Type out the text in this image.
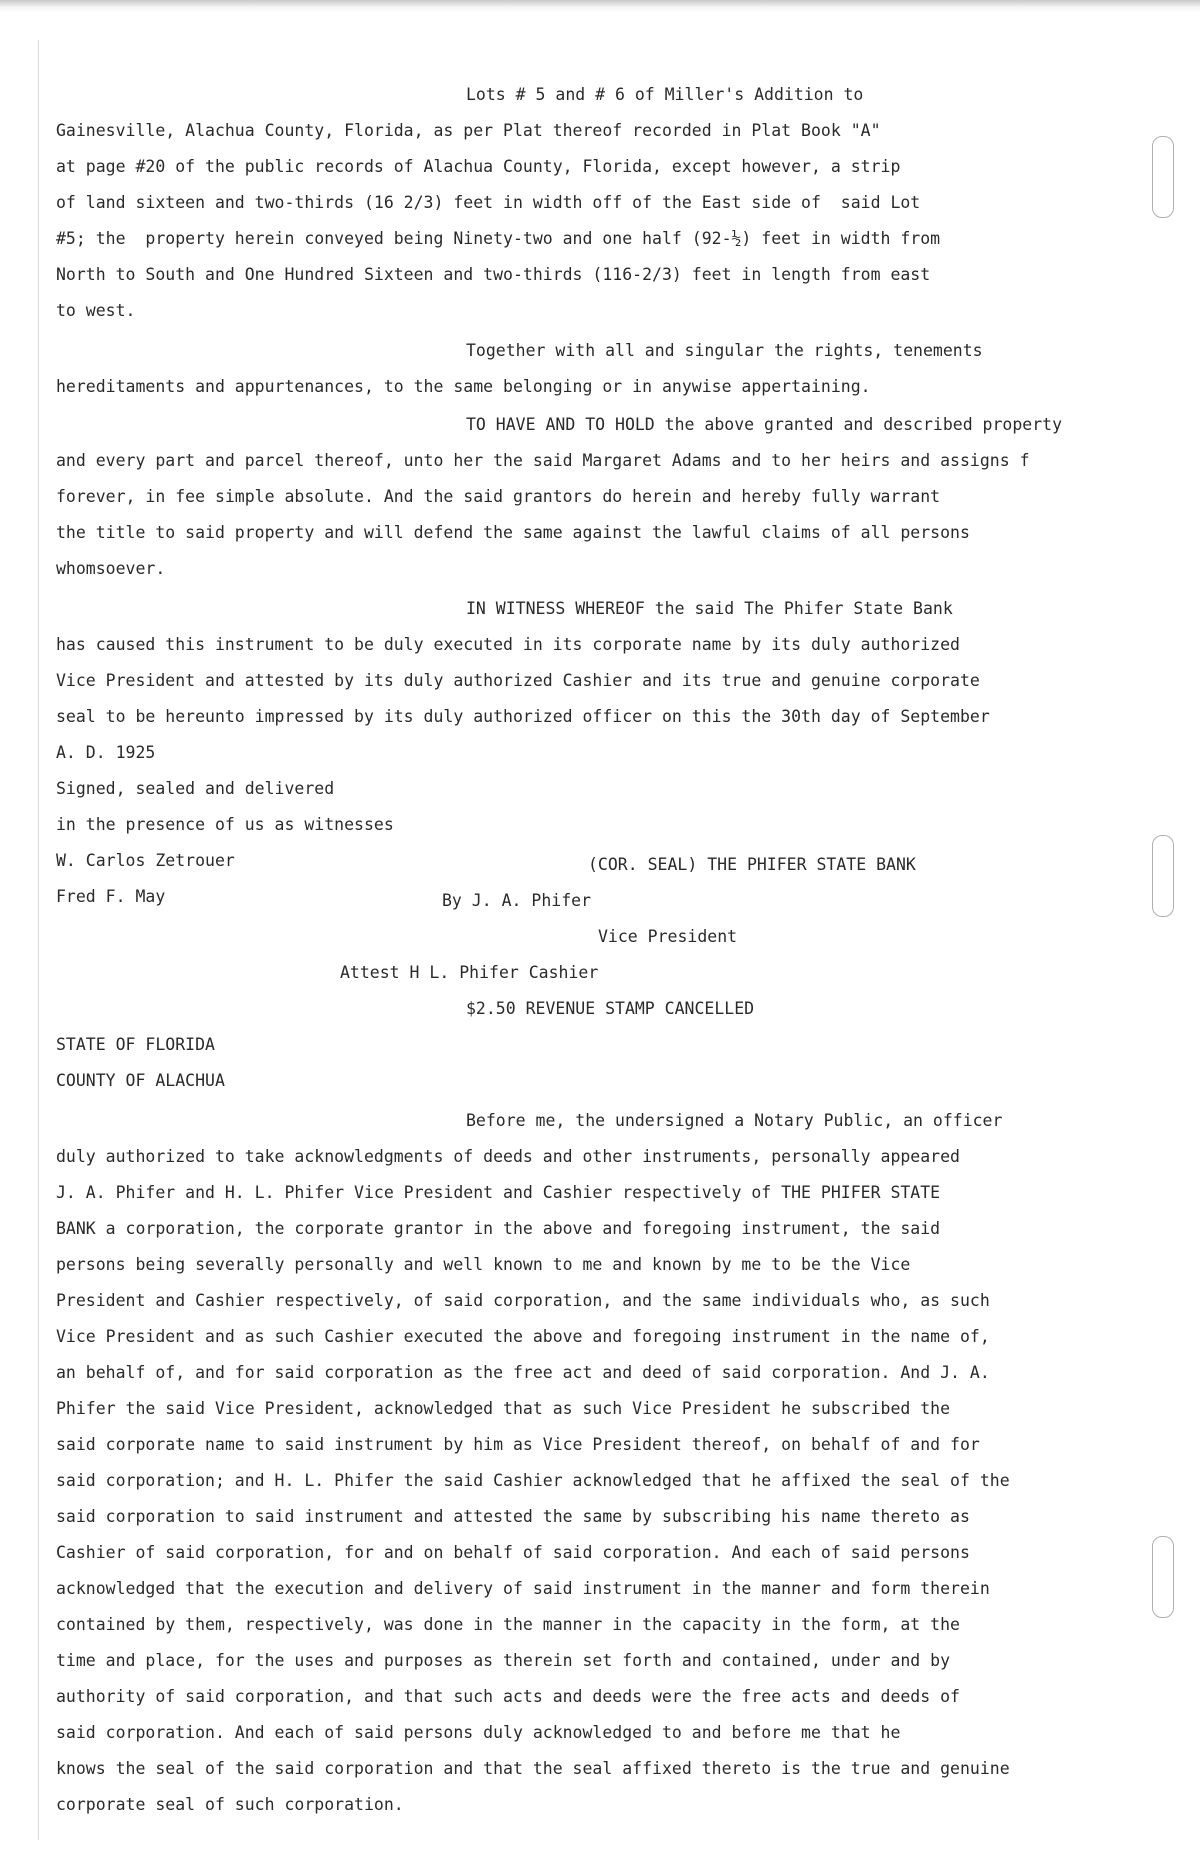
Lots # 5 and # 6 of Miller's Addition to

Gainesville, Alachua County, Florida, as per Plat thereof recorded in Plat Book "A"

at page #20 of the public records of Alachua County, Florida, except however, a strip

of land sixteen and two-thirds (16 2/3) feet in width off of the East side of  said Lot

#5; the  property herein conveyed being Ninety-two and one half (92-½) feet in width from

North to South and One Hundred Sixteen and two-thirds (116-2/3) feet in length from east

to west.

Together with all and singular the rights, tenements

hereditaments and appurtenances, to the same belonging or in anywise appertaining.

TO HAVE AND TO HOLD the above granted and described property

and every part and parcel thereof, unto her the said Margaret Adams and to her heirs and assigns f

forever, in fee simple absolute. And the said grantors do herein and hereby fully warrant

the title to said property and will defend the same against the lawful claims of all persons

whomsoever.

IN WITNESS WHEREOF the said The Phifer State Bank

has caused this instrument to be duly executed in its corporate name by its duly authorized

Vice President and attested by its duly authorized Cashier and its true and genuine corporate

seal to be hereunto impressed by its duly authorized officer on this the 30th day of September

A. D. 1925

Signed, sealed and delivered

in the presence of us as witnesses

W. Carlos Zetrouer	(COR. SEAL) THE PHIFER STATE BANK

Fred F. May	By J. A. Phifer

Vice President

Attest H L. Phifer Cashier

$2.50 REVENUE STAMP CANCELLED

STATE OF FLORIDA

COUNTY OF ALACHUA

Before me, the undersigned a Notary Public, an officer

duly authorized to take acknowledgments of deeds and other instruments, personally appeared

J. A. Phifer and H. L. Phifer Vice President and Cashier respectively of THE PHIFER STATE

BANK a corporation, the corporate grantor in the above and foregoing instrument, the said

persons being severally personally and well known to me and known by me to be the Vice

President and Cashier respectively, of said corporation, and the same individuals who, as such

Vice President and as such Cashier executed the above and foregoing instrument in the name of,

an behalf of, and for said corporation as the free act and deed of said corporation. And J. A.

Phifer the said Vice President, acknowledged that as such Vice President he subscribed the

said corporate name to said instrument by him as Vice President thereof, on behalf of and for

said corporation; and H. L. Phifer the said Cashier acknowledged that he affixed the seal of the

said corporation to said instrument and attested the same by subscribing his name thereto as

Cashier of said corporation, for and on behalf of said corporation. And each of said persons

acknowledged that the execution and delivery of said instrument in the manner and form therein

contained by them, respectively, was done in the manner in the capacity in the form, at the

time and place, for the uses and purposes as therein set forth and contained, under and by

authority of said corporation, and that such acts and deeds were the free acts and deeds of

said corporation. And each of said persons duly acknowledged to and before me that he

knows the seal of the said corporation and that the seal affixed thereto is the true and genuine

corporate seal of such corporation.
